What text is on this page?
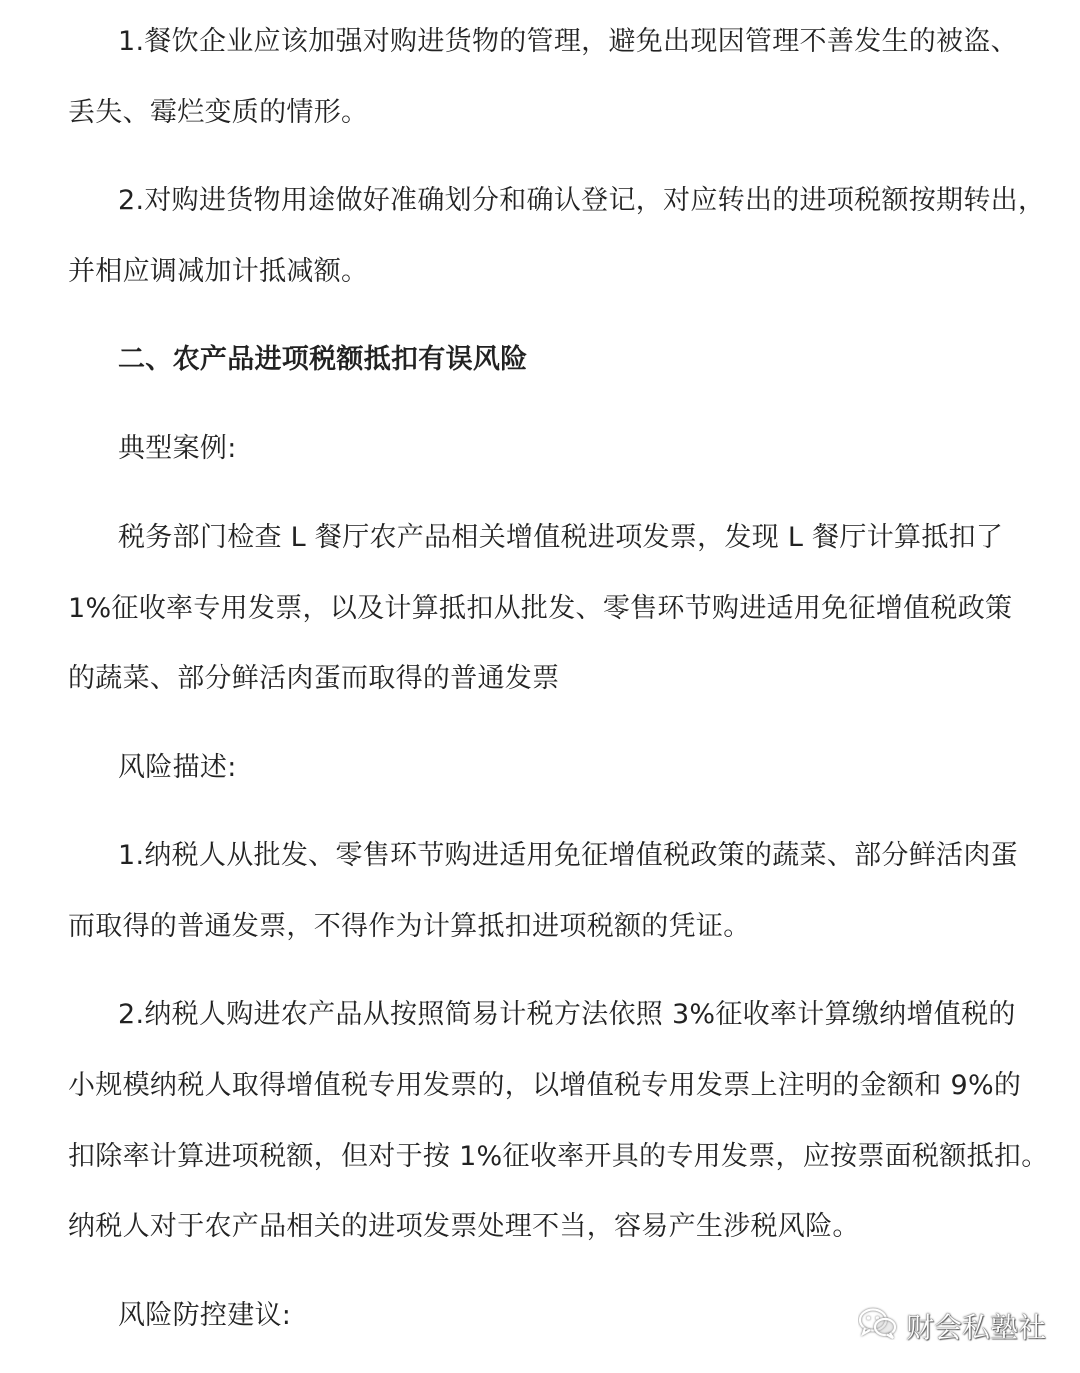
1.餐饮企业应该加强对购进货物的管理，避免出现因管理不善发生的被盗、
丢失、霉烂变质的情形。
2.对购进货物用途做好准确划分和确认登记，对应转出的进项税额按期转出，
并相应调减加计抵减额。
二、农产品进项税额抵扣有误风险
典型案例:
税务部门检查 L 餐厅农产品相关增值税进项发票，发现 L 餐厅计算抵扣了
1%征收率专用发票，以及计算抵扣从批发、零售环节购进适用免征增值税政策
的蔬菜、部分鲜活肉蛋而取得的普通发票
风险描述:
1.纳税人从批发、零售环节购进适用免征增值税政策的蔬菜、部分鲜活肉蛋
而取得的普通发票，不得作为计算抵扣进项税额的凭证。
2.纳税人购进农产品从按照简易计税方法依照 3%征收率计算缴纳增值税的
小规模纳税人取得增值税专用发票的，以增值税专用发票上注明的金额和 9%的
扣除率计算进项税额，但对于按 1%征收率开具的专用发票，应按票面税额抵扣。
纳税人对于农产品相关的进项发票处理不当，容易产生涉税风险。
风险防控建议:	财会私塾社
